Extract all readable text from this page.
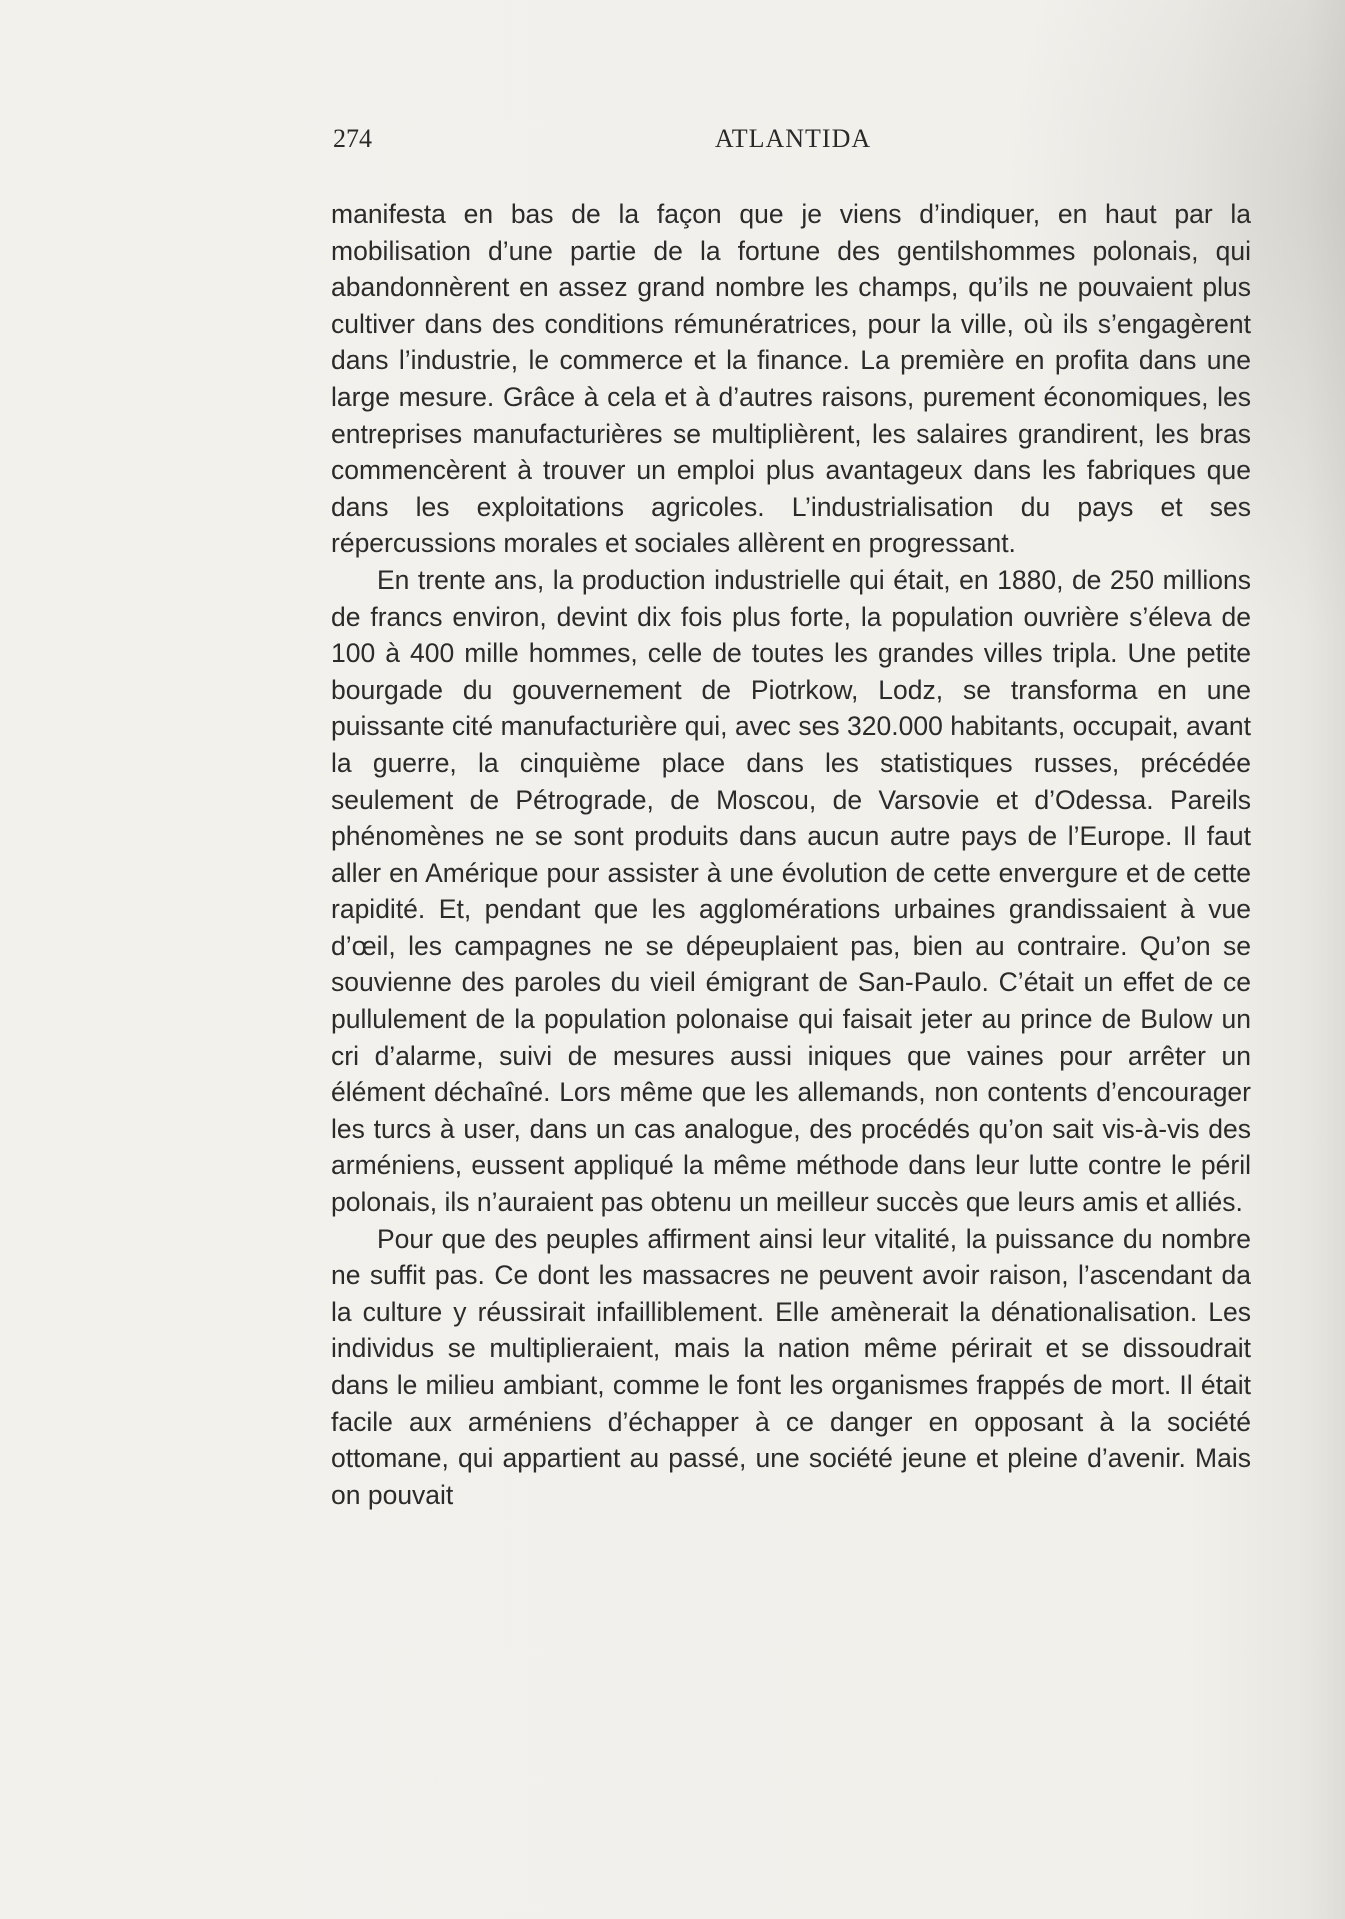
274	ATLANTIDA

manifesta en bas de la façon que je viens d’indiquer, en haut par la mobilisation d’une partie de la fortune des gentilshommes polonais, qui abandonnèrent en assez grand nombre les champs, qu’ils ne pouvaient plus cultiver dans des conditions rémunératrices, pour la ville, où ils s’engagèrent dans l’industrie, le commerce et la finance. La première en profita dans une large mesure. Grâce à cela et à d’autres raisons, purement économiques, les entreprises manufacturières se multiplièrent, les salaires grandirent, les bras commencèrent à trouver un emploi plus avantageux dans les fabriques que dans les exploitations agricoles. L’industrialisation du pays et ses répercussions morales et sociales allèrent en progressant.

En trente ans, la production industrielle qui était, en 1880, de 250 millions de francs environ, devint dix fois plus forte, la population ouvrière s’éleva de 100 à 400 mille hommes, celle de toutes les grandes villes tripla. Une petite bourgade du gouvernement de Piotrkow, Lodz, se transforma en une puissante cité manufacturière qui, avec ses 320.000 habitants, occupait, avant la guerre, la cinquième place dans les statistiques russes, précédée seulement de Pétrograde, de Moscou, de Varsovie et d’Odessa. Pareils phénomènes ne se sont produits dans aucun autre pays de l’Europe. Il faut aller en Amérique pour assister à une évolution de cette envergure et de cette rapidité. Et, pendant que les agglomérations urbaines grandissaient à vue d’œil, les campagnes ne se dépeuplaient pas, bien au contraire. Qu’on se souvienne des paroles du vieil émigrant de San-Paulo. C’était un effet de ce pullulement de la population polonaise qui faisait jeter au prince de Bulow un cri d’alarme, suivi de mesures aussi iniques que vaines pour arrêter un élément déchaîné. Lors même que les allemands, non contents d’encourager les turcs à user, dans un cas analogue, des procédés qu’on sait vis-à-vis des arméniens, eussent appliqué la même méthode dans leur lutte contre le péril polonais, ils n’auraient pas obtenu un meilleur succès que leurs amis et alliés.

Pour que des peuples affirment ainsi leur vitalité, la puissance du nombre ne suffit pas. Ce dont les massacres ne peuvent avoir raison, l’ascendant da la culture y réussirait infailliblement. Elle amènerait la dénationalisation. Les individus se multiplieraient, mais la nation même périrait et se dissoudrait dans le milieu ambiant, comme le font les organismes frappés de mort. Il était facile aux arméniens d’échapper à ce danger en opposant à la société ottomane, qui appartient au passé, une société jeune et pleine d’avenir. Mais on pouvait
